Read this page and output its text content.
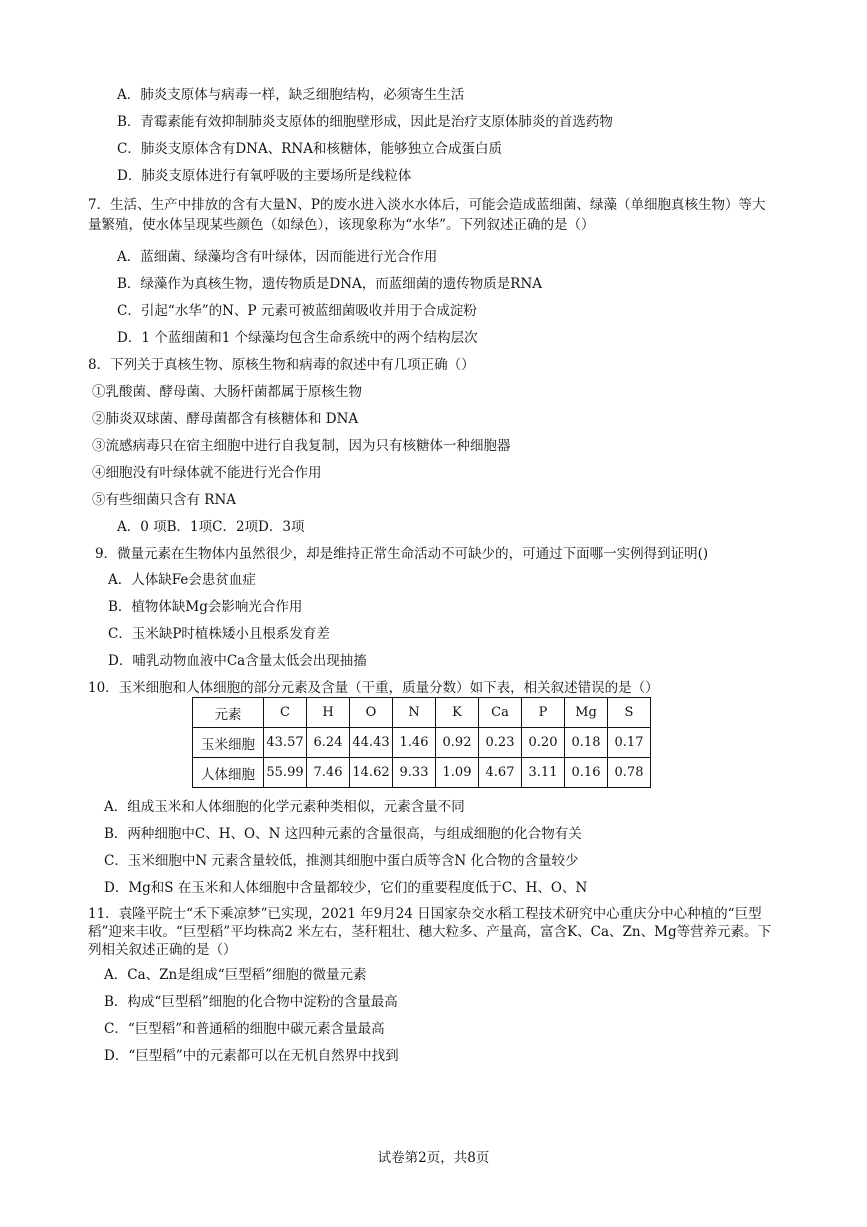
A．肺炎支原体与病毒一样，缺乏细胞结构，必须寄生生活
B．青霉素能有效抑制肺炎支原体的细胞壁形成，因此是治疗支原体肺炎的首选药物
C．肺炎支原体含有DNA、RNA和核糖体，能够独立合成蛋白质
D．肺炎支原体进行有氧呼吸的主要场所是线粒体
7．生活、生产中排放的含有大量N、P的废水进入淡水水体后，可能会造成蓝细菌、绿藻（单细胞真核生物）等大量繁殖，使水体呈现某些颜色（如绿色），该现象称为“水华”。下列叙述正确的是（）
A．蓝细菌、绿藻均含有叶绿体，因而能进行光合作用
B．绿藻作为真核生物，遗传物质是DNA，而蓝细菌的遗传物质是RNA
C．引起“水华”的N、P 元素可被蓝细菌吸收并用于合成淀粉
D．1 个蓝细菌和1 个绿藻均包含生命系统中的两个结构层次
8．下列关于真核生物、原核生物和病毒的叙述中有几项正确（）
①乳酸菌、酵母菌、大肠杆菌都属于原核生物
②肺炎双球菌、酵母菌都含有核糖体和 DNA
③流感病毒只在宿主细胞中进行自我复制，因为只有核糖体一种细胞器
④细胞没有叶绿体就不能进行光合作用
⑤有些细菌只含有 RNA
A．0 项B．1项C．2项D．3项
9．微量元素在生物体内虽然很少，却是维持正常生命活动不可缺少的，可通过下面哪一实例得到证明()
A．人体缺Fe会患贫血症
B．植物体缺Mg会影响光合作用
C．玉米缺P时植株矮小且根系发育差
D．哺乳动物血液中Ca含量太低会出现抽搐
10．玉米细胞和人体细胞的部分元素及含量（干重，质量分数）如下表，相关叙述错误的是（）
元素	C	H	O	N	K	Ca	P	Mg	S
玉米细胞	43.57	6.24	44.43	1.46	0.92	0.23	0.20	0.18	0.17
人体细胞	55.99	7.46	14.62	9.33	1.09	4.67	3.11	0.16	0.78
A．组成玉米和人体细胞的化学元素种类相似，元素含量不同
B．两种细胞中C、H、O、N 这四种元素的含量很高，与组成细胞的化合物有关
C．玉米细胞中N 元素含量较低，推测其细胞中蛋白质等含N 化合物的含量较少
D．Mg和S 在玉米和人体细胞中含量都较少，它们的重要程度低于C、H、O、N
11．袁隆平院士“禾下乘凉梦”已实现，2021 年9月24 日国家杂交水稻工程技术研究中心重庆分中心种植的“巨型稻”迎来丰收。“巨型稻”平均株高2 米左右，茎秆粗壮、穗大粒多、产量高，富含K、Ca、Zn、Mg等营养元素。下列相关叙述正确的是（）
A．Ca、Zn是组成“巨型稻”细胞的微量元素
B．构成“巨型稻”细胞的化合物中淀粉的含量最高
C．“巨型稻”和普通稻的细胞中碳元素含量最高
D．“巨型稻”中的元素都可以在无机自然界中找到
试卷第2页，共8页
